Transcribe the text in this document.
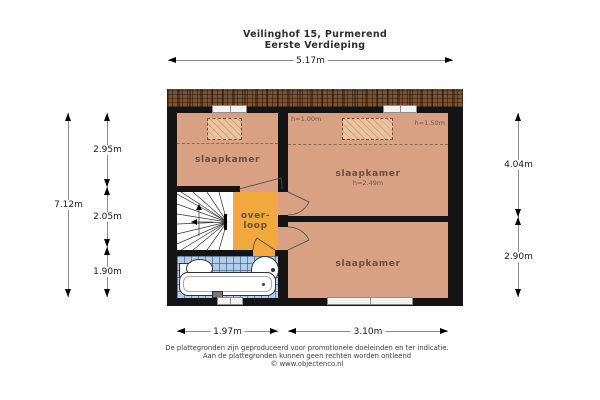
Veilinghof 15, Purmerend
Eerste Verdieping
5.17m
7.12m
2.95m
2.05m
1.90m
4.04m
2.90m
1.97m	3.10m
slaapkamer
h=1.00m	h=1.50m
slaapkamer
h=2.49m
slaapkamer
over-
loop
De plattegronden zijn geproduceerd voor promotionele doeleinden en ter indicatie.
Aan de plattegronden kunnen geen rechten worden ontleend
© www.objectenco.nl
